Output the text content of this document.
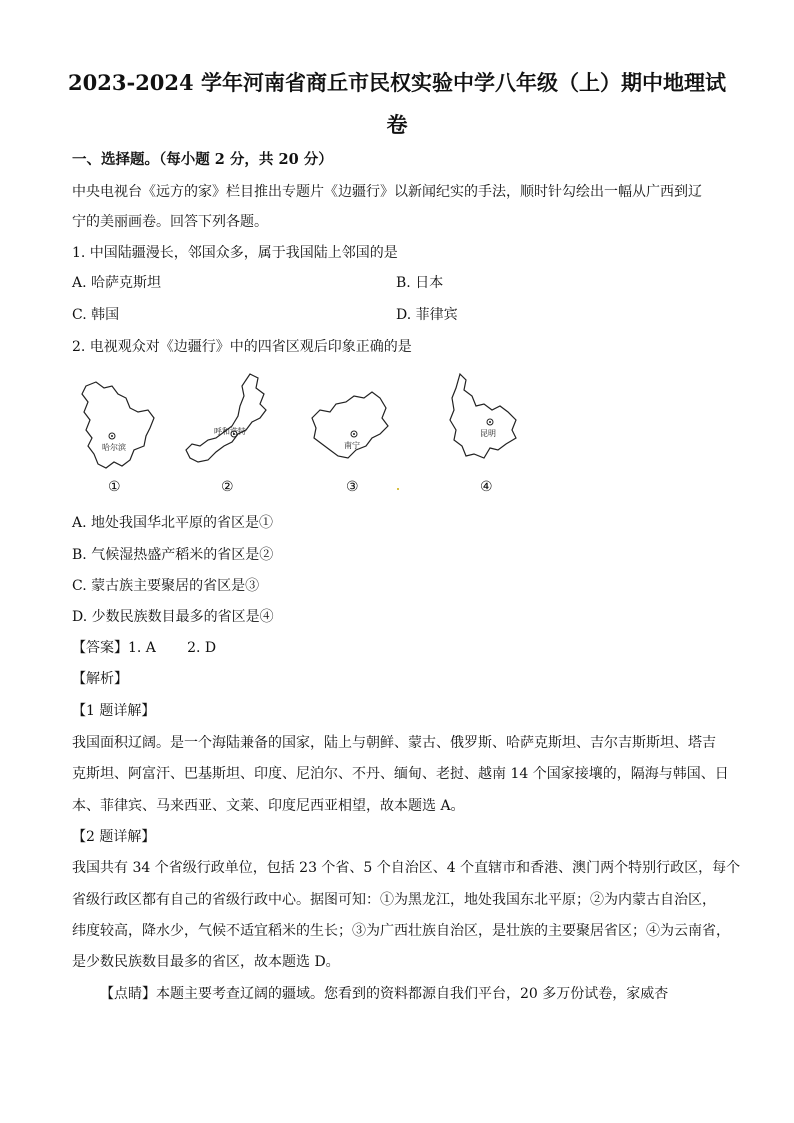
2023-2024 学年河南省商丘市民权实验中学八年级（上）期中地理试
卷
一、选择题。（每小题 2 分，共 20 分）
中央电视台《远方的家》栏目推出专题片《边疆行》以新闻纪实的手法，顺时针勾绘出一幅从广西到辽
宁的美丽画卷。回答下列各题。
1. 中国陆疆漫长，邻国众多，属于我国陆上邻国的是
A. 哈萨克斯坦	B. 日本
C. 韩国	D. 菲律宾
2. 电视观众对《边疆行》中的四省区观后印象正确的是
哈尔滨
呼和浩特
南宁
昆明
①	②	③	④
A. 地处我国华北平原的省区是①
B. 气候湿热盛产稻米的省区是②
C. 蒙古族主要聚居的省区是③
D. 少数民族数目最多的省区是④
【答案】1. A       2. D
【解析】
【1 题详解】
我国面积辽阔。是一个海陆兼备的国家，陆上与朝鲜、蒙古、俄罗斯、哈萨克斯坦、吉尔吉斯斯坦、塔吉
克斯坦、阿富汗、巴基斯坦、印度、尼泊尔、不丹、缅甸、老挝、越南 14 个国家接壤的，隔海与韩国、日
本、菲律宾、马来西亚、文莱、印度尼西亚相望，故本题选 A。
【2 题详解】
我国共有 34 个省级行政单位，包括 23 个省、5 个自治区、4 个直辖市和香港、澳门两个特别行政区，每个
省级行政区都有自己的省级行政中心。据图可知：①为黑龙江，地处我国东北平原；②为内蒙古自治区，
纬度较高，降水少，气候不适宜稻米的生长；③为广西壮族自治区，是壮族的主要聚居省区；④为云南省，
是少数民族数目最多的省区，故本题选 D。
【点睛】本题主要考查辽阔的疆域。您看到的资料都源自我们平台，20 多万份试卷，家威杏
